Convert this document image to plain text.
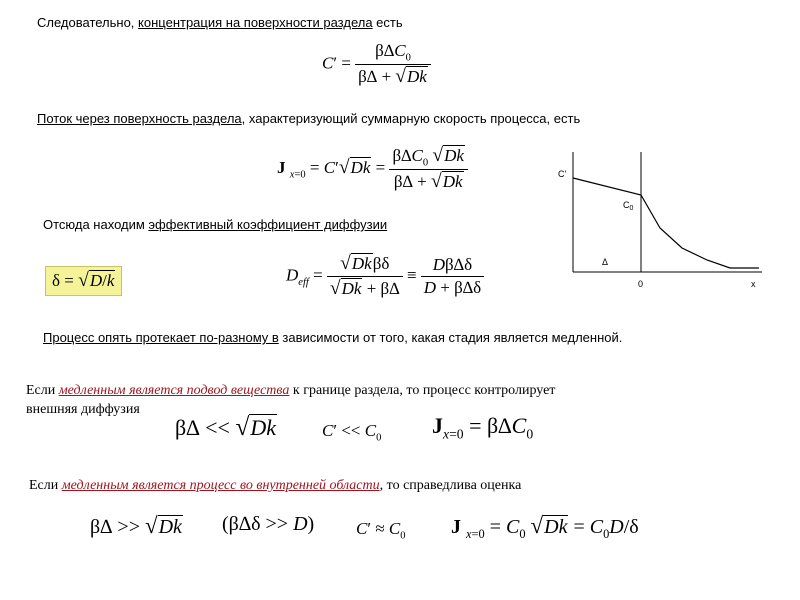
Следовательно, концентрация на поверхности раздела есть
$C' = \frac{\beta\Delta C_0}{\beta\Delta + √Dk}$
Поток через поверхность раздела, характеризующий суммарную скорость процесса, есть
J $_{x=0} = C'√Dk = \frac{\beta\Delta C_0 √Dk}{\beta\Delta + √Dk}$	C'
$C_0$
Δ
0	x
Отсюда находим эффективный коэффициент диффузии
δ = √D/k	$D_{eff} = \frac{\text{√Dkβδ}}{√Dk + \beta\Delta} \equiv \frac{D\beta\Delta\delta}{D + \beta\Delta\delta}$
Процесс опять протекает по-разному в зависимости от того, какая стадия является медленной.
Если медленным является подвод вещества к границе раздела, то процесс контролирует
внешняя диффузия
β∆ << √Dk	$C' << C_0$ $J_{x=0} = \beta\Delta C_0$
Если медленным является процесс во внутренней области, то справедлива оценка
β∆ >> √Dk (β∆δ >> D) $C' \approx C_0$ J $_{x=0} = C_0$ $√Dk = C_0D/\delta$
